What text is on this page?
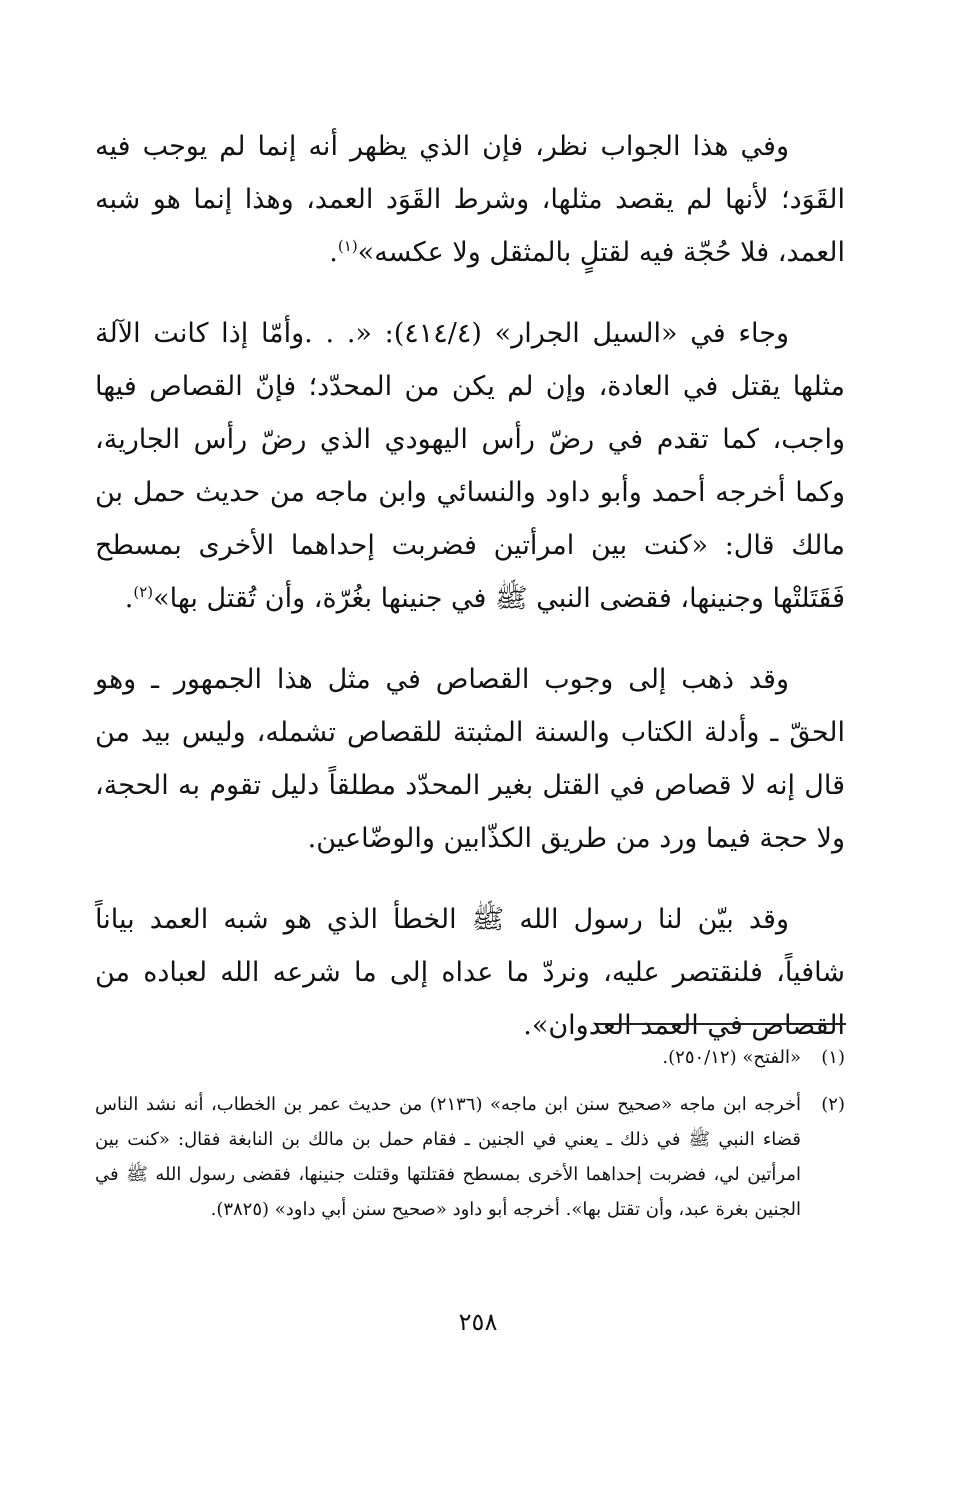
وفي هذا الجواب نظر، فإن الذي يظهر أنه إنما لم يوجب فيه القَوَد؛ لأنها لم يقصد مثلها، وشرط القَوَد العمد، وهذا إنما هو شبه العمد، فلا حُجّة فيه لقتلٍ بالمثقل ولا عكسه»$^{(١)}$.

وجاء في «السيل الجرار» (٤١٤/٤): «. . .وأمّا إذا كانت الآلة مثلها يقتل في العادة، وإن لم يكن من المحدّد؛ فإنّ القصاص فيها واجب، كما تقدم في رضّ رأس اليهودي الذي رضّ رأس الجارية، وكما أخرجه أحمد وأبو داود والنسائي وابن ماجه من حديث حمل بن مالك قال: «كنت بين امرأتين فضربت إحداهما الأخرى بمسطح فَقَتَلتْها وجنينها، فقضى النبي ﷺ في جنينها بغُرّة، وأن تُقتل بها»$^{(٢)}$.

وقد ذهب إلى وجوب القصاص في مثل هذا الجمهور ـ وهو الحقّ ـ وأدلة الكتاب والسنة المثبتة للقصاص تشمله، وليس بيد من قال إنه لا قصاص في القتل بغير المحدّد مطلقاً دليل تقوم به الحجة، ولا حجة فيما ورد من طريق الكذّابين والوضّاعين.

وقد بيّن لنا رسول الله ﷺ الخطأ الذي هو شبه العمد بياناً شافياً، فلنقتصر عليه، ونردّ ما عداه إلى ما شرعه الله لعباده من القصاص في العمد العدوان».

(١)
«الفتح» (٢٥٠/١٢).
(٢)
أخرجه ابن ماجه «صحيح سنن ابن ماجه» (٢١٣٦) من حديث عمر بن الخطاب، أنه نشد الناس قضاء النبي ﷺ في ذلك ـ يعني في الجنين ـ فقام حمل بن مالك بن النابغة فقال: «كنت بين امرأتين لي، فضربت إحداهما الأخرى بمسطح فقتلتها وقتلت جنينها، فقضى رسول الله ﷺ في الجنين بغرة عبد، وأن تقتل بها». أخرجه أبو داود «صحيح سنن أبي داود» (٣٨٢٥).
٢٥٨
